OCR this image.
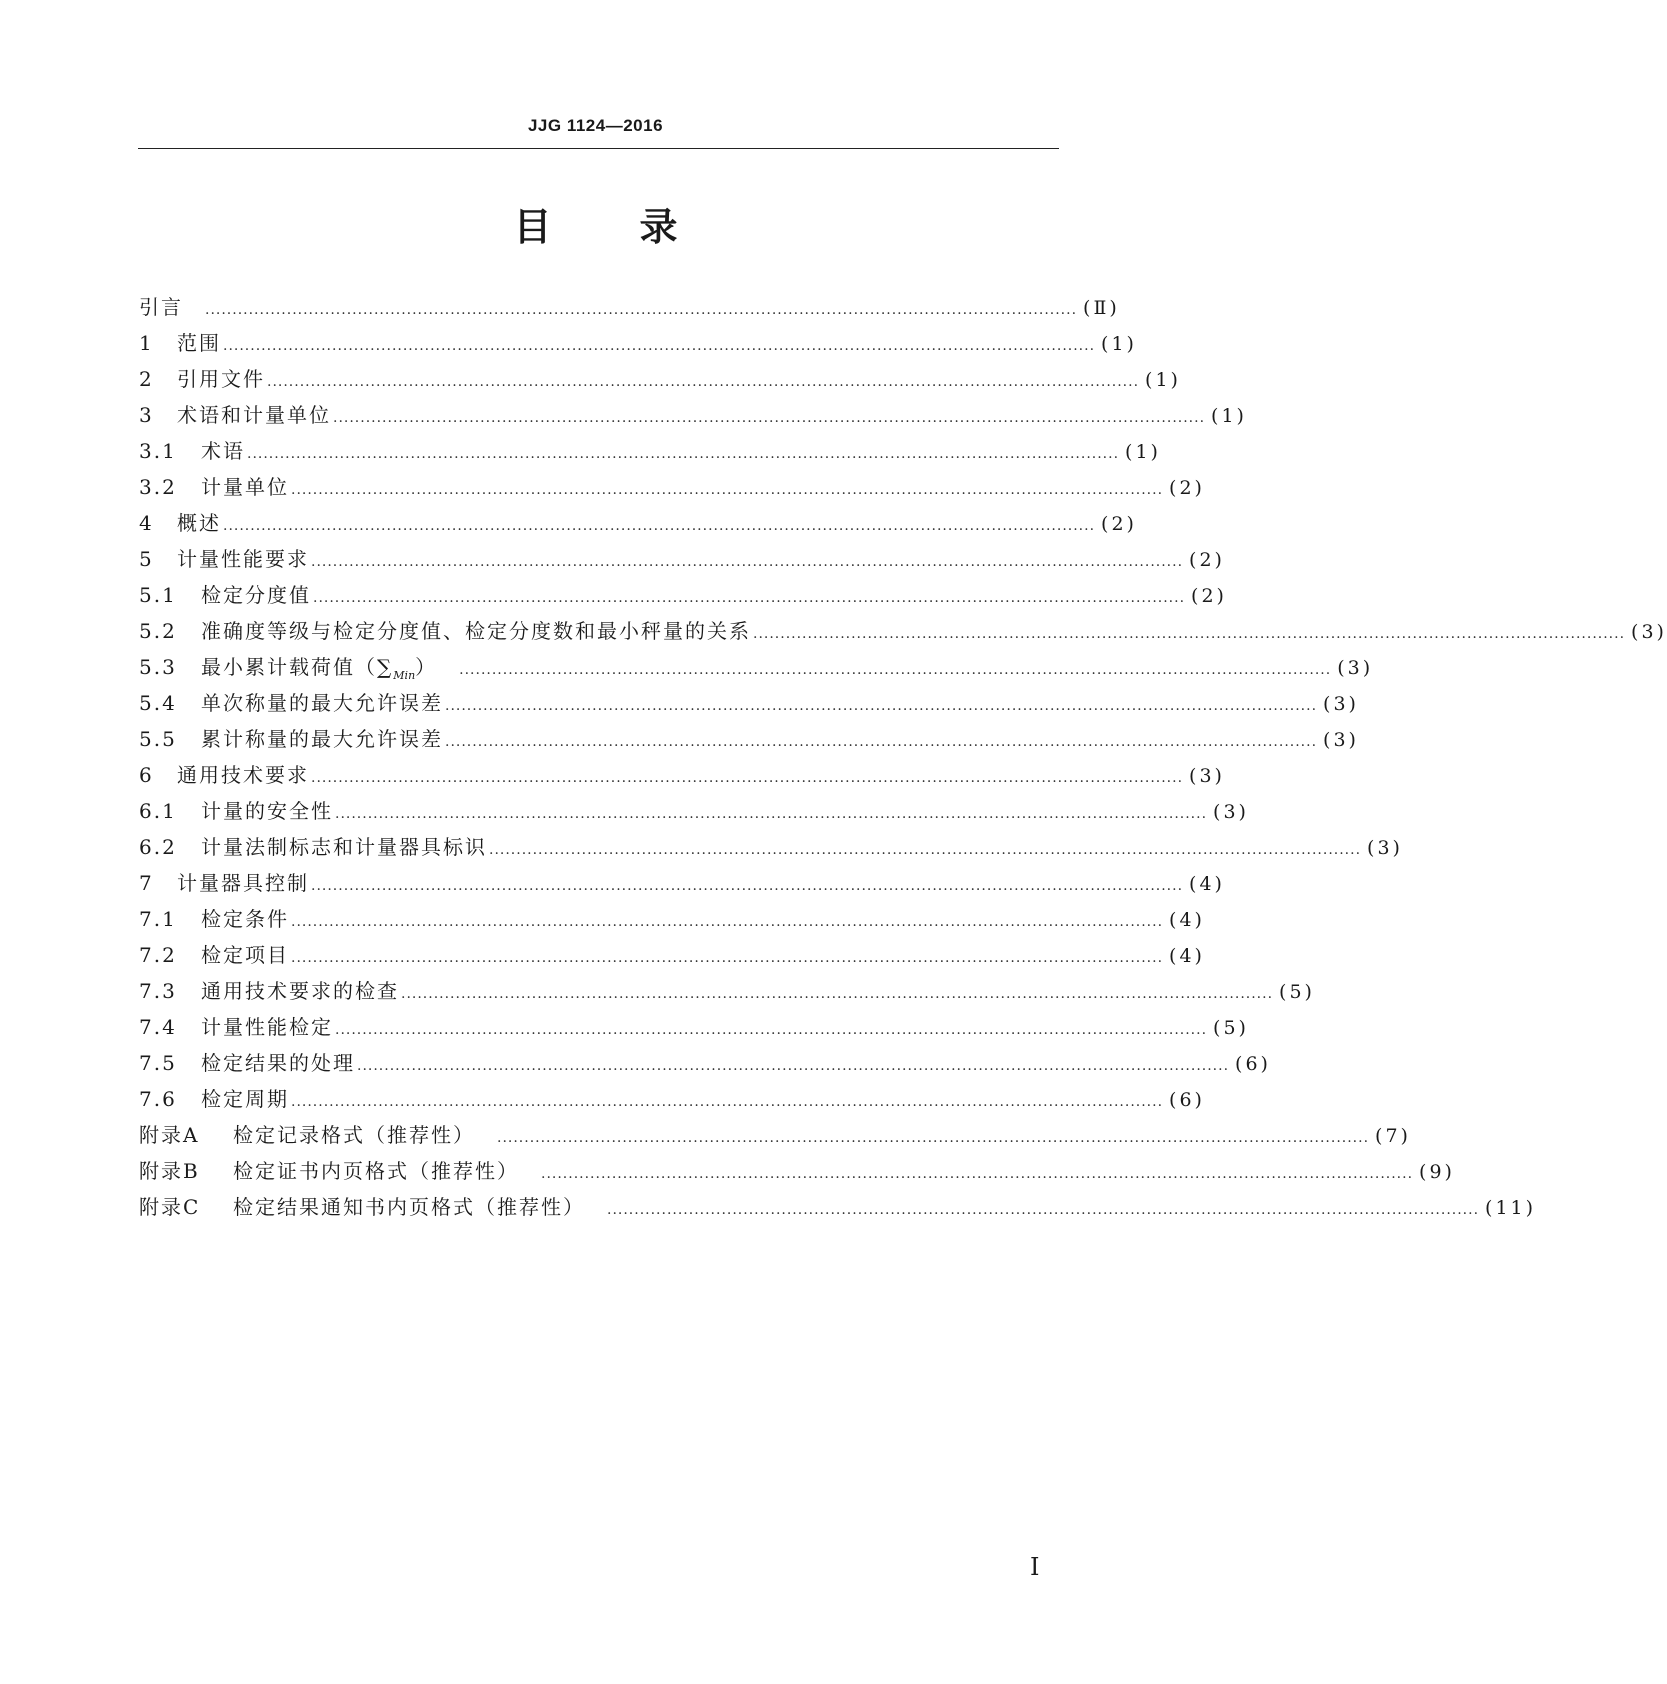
JJG 1124—2016
目 录
引言 ................................................................................................................................................................ (Ⅱ)
1	范围 ................................................................................................................................................................ (1)
2	引用文件 ................................................................................................................................................................ (1)
3	术语和计量单位 ................................................................................................................................................................ (1)
3.1	术语 ................................................................................................................................................................ (1)
3.2	计量单位 ................................................................................................................................................................ (2)
4	概述 ................................................................................................................................................................ (2)
5	计量性能要求 ................................................................................................................................................................ (2)
5.1	检定分度值 ................................................................................................................................................................ (2)
5.2	准确度等级与检定分度值、检定分度数和最小秤量的关系 ................................................................................................................................................................ (3)
5.3	最小累计载荷值$(\sum_{Min})$ ................................................................................................................................................................ (3)
5.4	单次称量的最大允许误差 ................................................................................................................................................................ (3)
5.5	累计称量的最大允许误差 ................................................................................................................................................................ (3)
6	通用技术要求 ................................................................................................................................................................ (3)
6.1	计量的安全性 ................................................................................................................................................................ (3)
6.2	计量法制标志和计量器具标识 ................................................................................................................................................................ (3)
7	计量器具控制 ................................................................................................................................................................ (4)
7.1	检定条件 ................................................................................................................................................................ (4)
7.2	检定项目 ................................................................................................................................................................ (4)
7.3	通用技术要求的检查 ................................................................................................................................................................ (5)
7.4	计量性能检定 ................................................................................................................................................................ (5)
7.5	检定结果的处理 ................................................................................................................................................................ (6)
7.6	检定周期 ................................................................................................................................................................ (6)
附录A	检定记录格式（推荐性） ................................................................................................................................................................ (7)
附录B	检定证书内页格式（推荐性） ................................................................................................................................................................ (9)
附录C	检定结果通知书内页格式（推荐性） ................................................................................................................................................................ (11)
I
